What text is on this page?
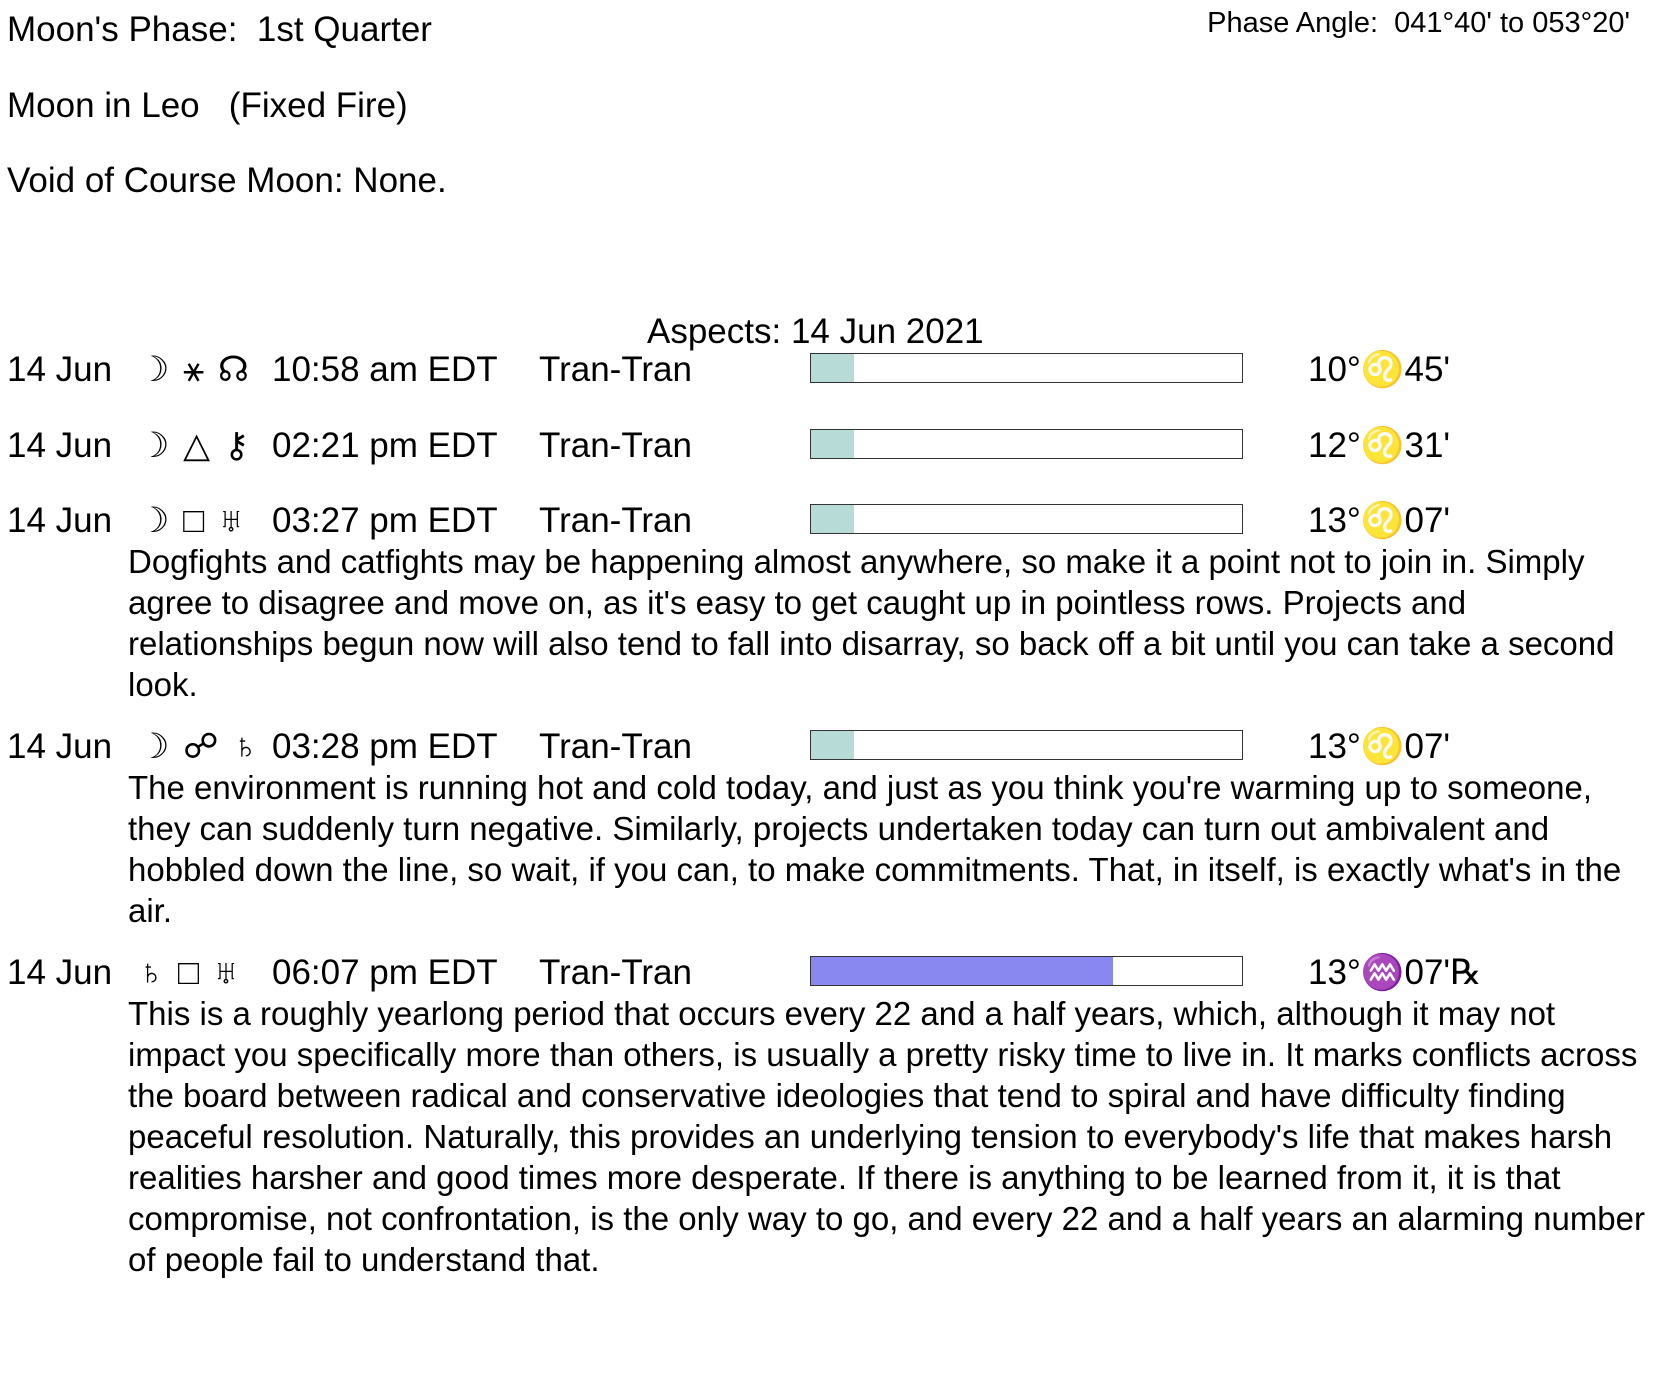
Moon's Phase:  1st Quarter	Phase Angle:  041°40' to 053°20'
Moon in Leo   (Fixed Fire)
Void of Course Moon: None.
Aspects: 14 Jun 2021
14 Jun ☽ ⚹ ☊ 10:58 am EDT Tran-Tran	10°♌45'
14 Jun ☽ △ ⚷ 02:21 pm EDT Tran-Tran	12°♌31'
14 Jun ☽ □ ♅ 03:27 pm EDT Tran-Tran	13°♌07'
Dogfights and catfights may be happening almost anywhere, so make it a point not to join in. Simply agree to disagree and move on, as it's easy to get caught up in pointless rows. Projects and relationships begun now will also tend to fall into disarray, so back off a bit until you can take a second look.
14 Jun ☽ ☍ ♄ 03:28 pm EDT Tran-Tran	13°♌07'
The environment is running hot and cold today, and just as you think you're warming up to someone, they can suddenly turn negative. Similarly, projects undertaken today can turn out ambivalent and hobbled down the line, so wait, if you can, to make commitments. That, in itself, is exactly what's in the air.
14 Jun ♄ □ ♅ 06:07 pm EDT Tran-Tran	13°♒07'℞
This is a roughly yearlong period that occurs every 22 and a half years, which, although it may not impact you specifically more than others, is usually a pretty risky time to live in. It marks conflicts across the board between radical and conservative ideologies that tend to spiral and have difficulty finding peaceful resolution. Naturally, this provides an underlying tension to everybody's life that makes harsh realities harsher and good times more desperate. If there is anything to be learned from it, it is that compromise, not confrontation, is the only way to go, and every 22 and a half years an alarming number of people fail to understand that.
